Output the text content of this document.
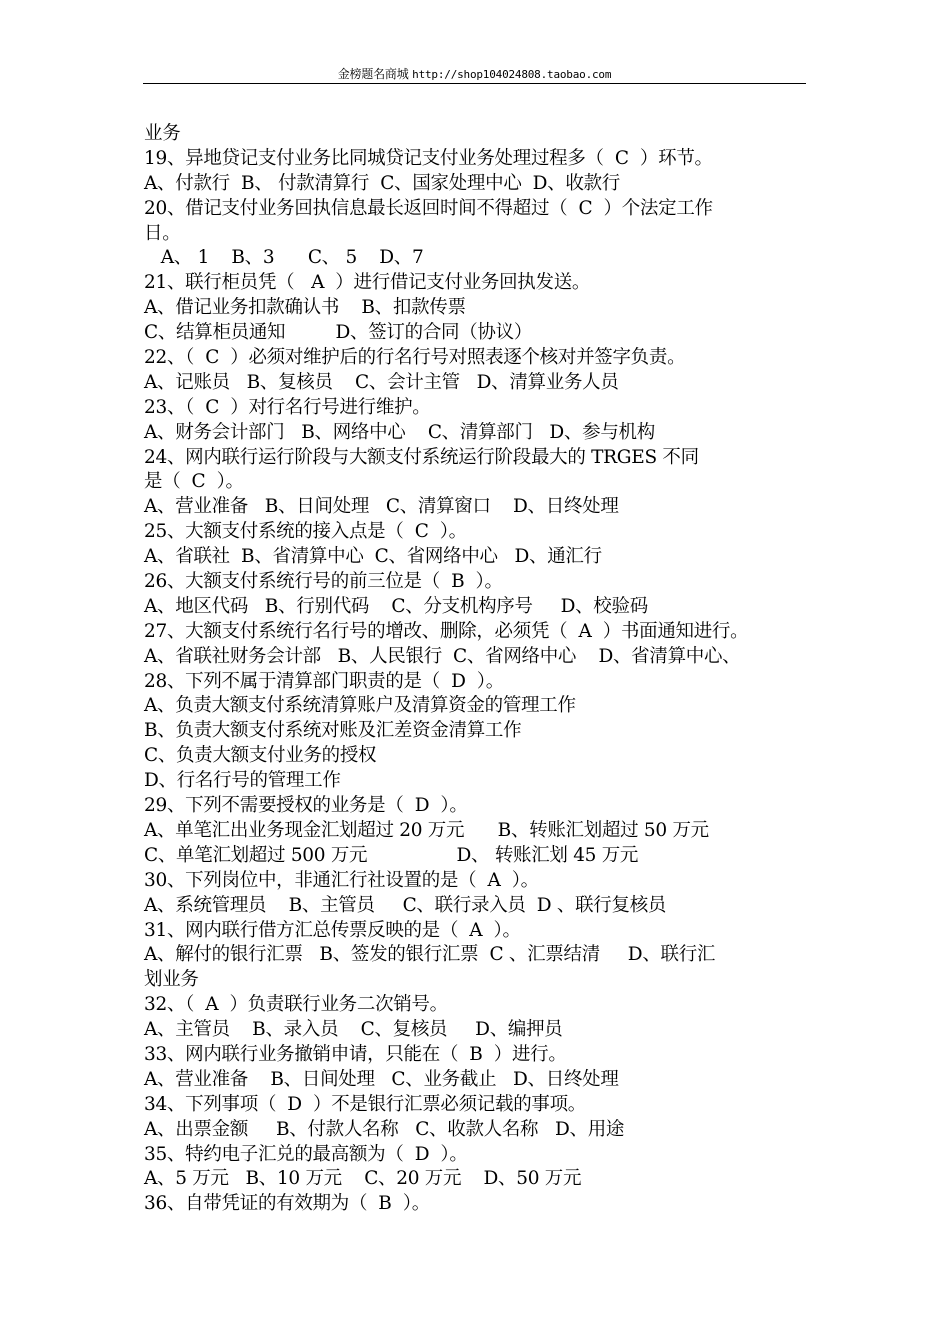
金榜题名商城 http://shop104024808.taobao.com
业务
19、异地贷记支付业务比同城贷记支付业务处理过程多（  C  ）环节。
A、付款行  B、 付款清算行  C、国家处理中心  D、收款行
20、借记支付业务回执信息最长返回时间不得超过（  C  ）个法定工作
日。
A、 1    B、3      C、 5    D、7
21、联行柜员凭（   A  ）进行借记支付业务回执发送。
A、借记业务扣款确认书    B、扣款传票
C、结算柜员通知         D、签订的合同（协议）
22、（  C  ）必须对维护后的行名行号对照表逐个核对并签字负责。
A、记账员   B、复核员    C、会计主管   D、清算业务人员
23、（  C  ）对行名行号进行维护。
A、财务会计部门   B、网络中心    C、清算部门   D、参与机构
24、网内联行运行阶段与大额支付系统运行阶段最大的 TRGES 不同
是（  C  ）。
A、营业准备   B、日间处理   C、清算窗口    D、日终处理
25、大额支付系统的接入点是（  C  ）。
A、省联社  B、省清算中心  C、省网络中心   D、通汇行
26、大额支付系统行号的前三位是（  B  ）。
A、地区代码   B、行别代码    C、分支机构序号     D、校验码
27、大额支付系统行名行号的增改、删除，必须凭（  A  ）书面通知进行。
A、省联社财务会计部   B、人民银行  C、省网络中心    D、省清算中心、
28、下列不属于清算部门职责的是（  D  ）。
A、负责大额支付系统清算账户及清算资金的管理工作
B、负责大额支付系统对账及汇差资金清算工作
C、负责大额支付业务的授权
D、行名行号的管理工作
29、下列不需要授权的业务是（  D  ）。
A、单笔汇出业务现金汇划超过 20 万元      B、转账汇划超过 50 万元
C、单笔汇划超过 500 万元                D、 转账汇划 45 万元
30、下列岗位中，非通汇行社设置的是（  A  ）。
A、系统管理员    B、主管员     C、联行录入员  D 、联行复核员
31、网内联行借方汇总传票反映的是（  A  ）。
A、解付的银行汇票   B、签发的银行汇票  C 、汇票结清     D、联行汇
划业务
32、（  A  ）负责联行业务二次销号。
A、主管员    B、录入员    C、复核员     D、编押员
33、网内联行业务撤销申请，只能在（  B  ）进行。
A、营业准备    B、日间处理   C、业务截止   D、日终处理
34、下列事项（  D  ）不是银行汇票必须记载的事项。
A、出票金额     B、付款人名称   C、收款人名称   D、用途
35、特约电子汇兑的最高额为（  D  ）。
A、5 万元   B、10 万元    C、20 万元    D、50 万元
36、自带凭证的有效期为（  B  ）。
